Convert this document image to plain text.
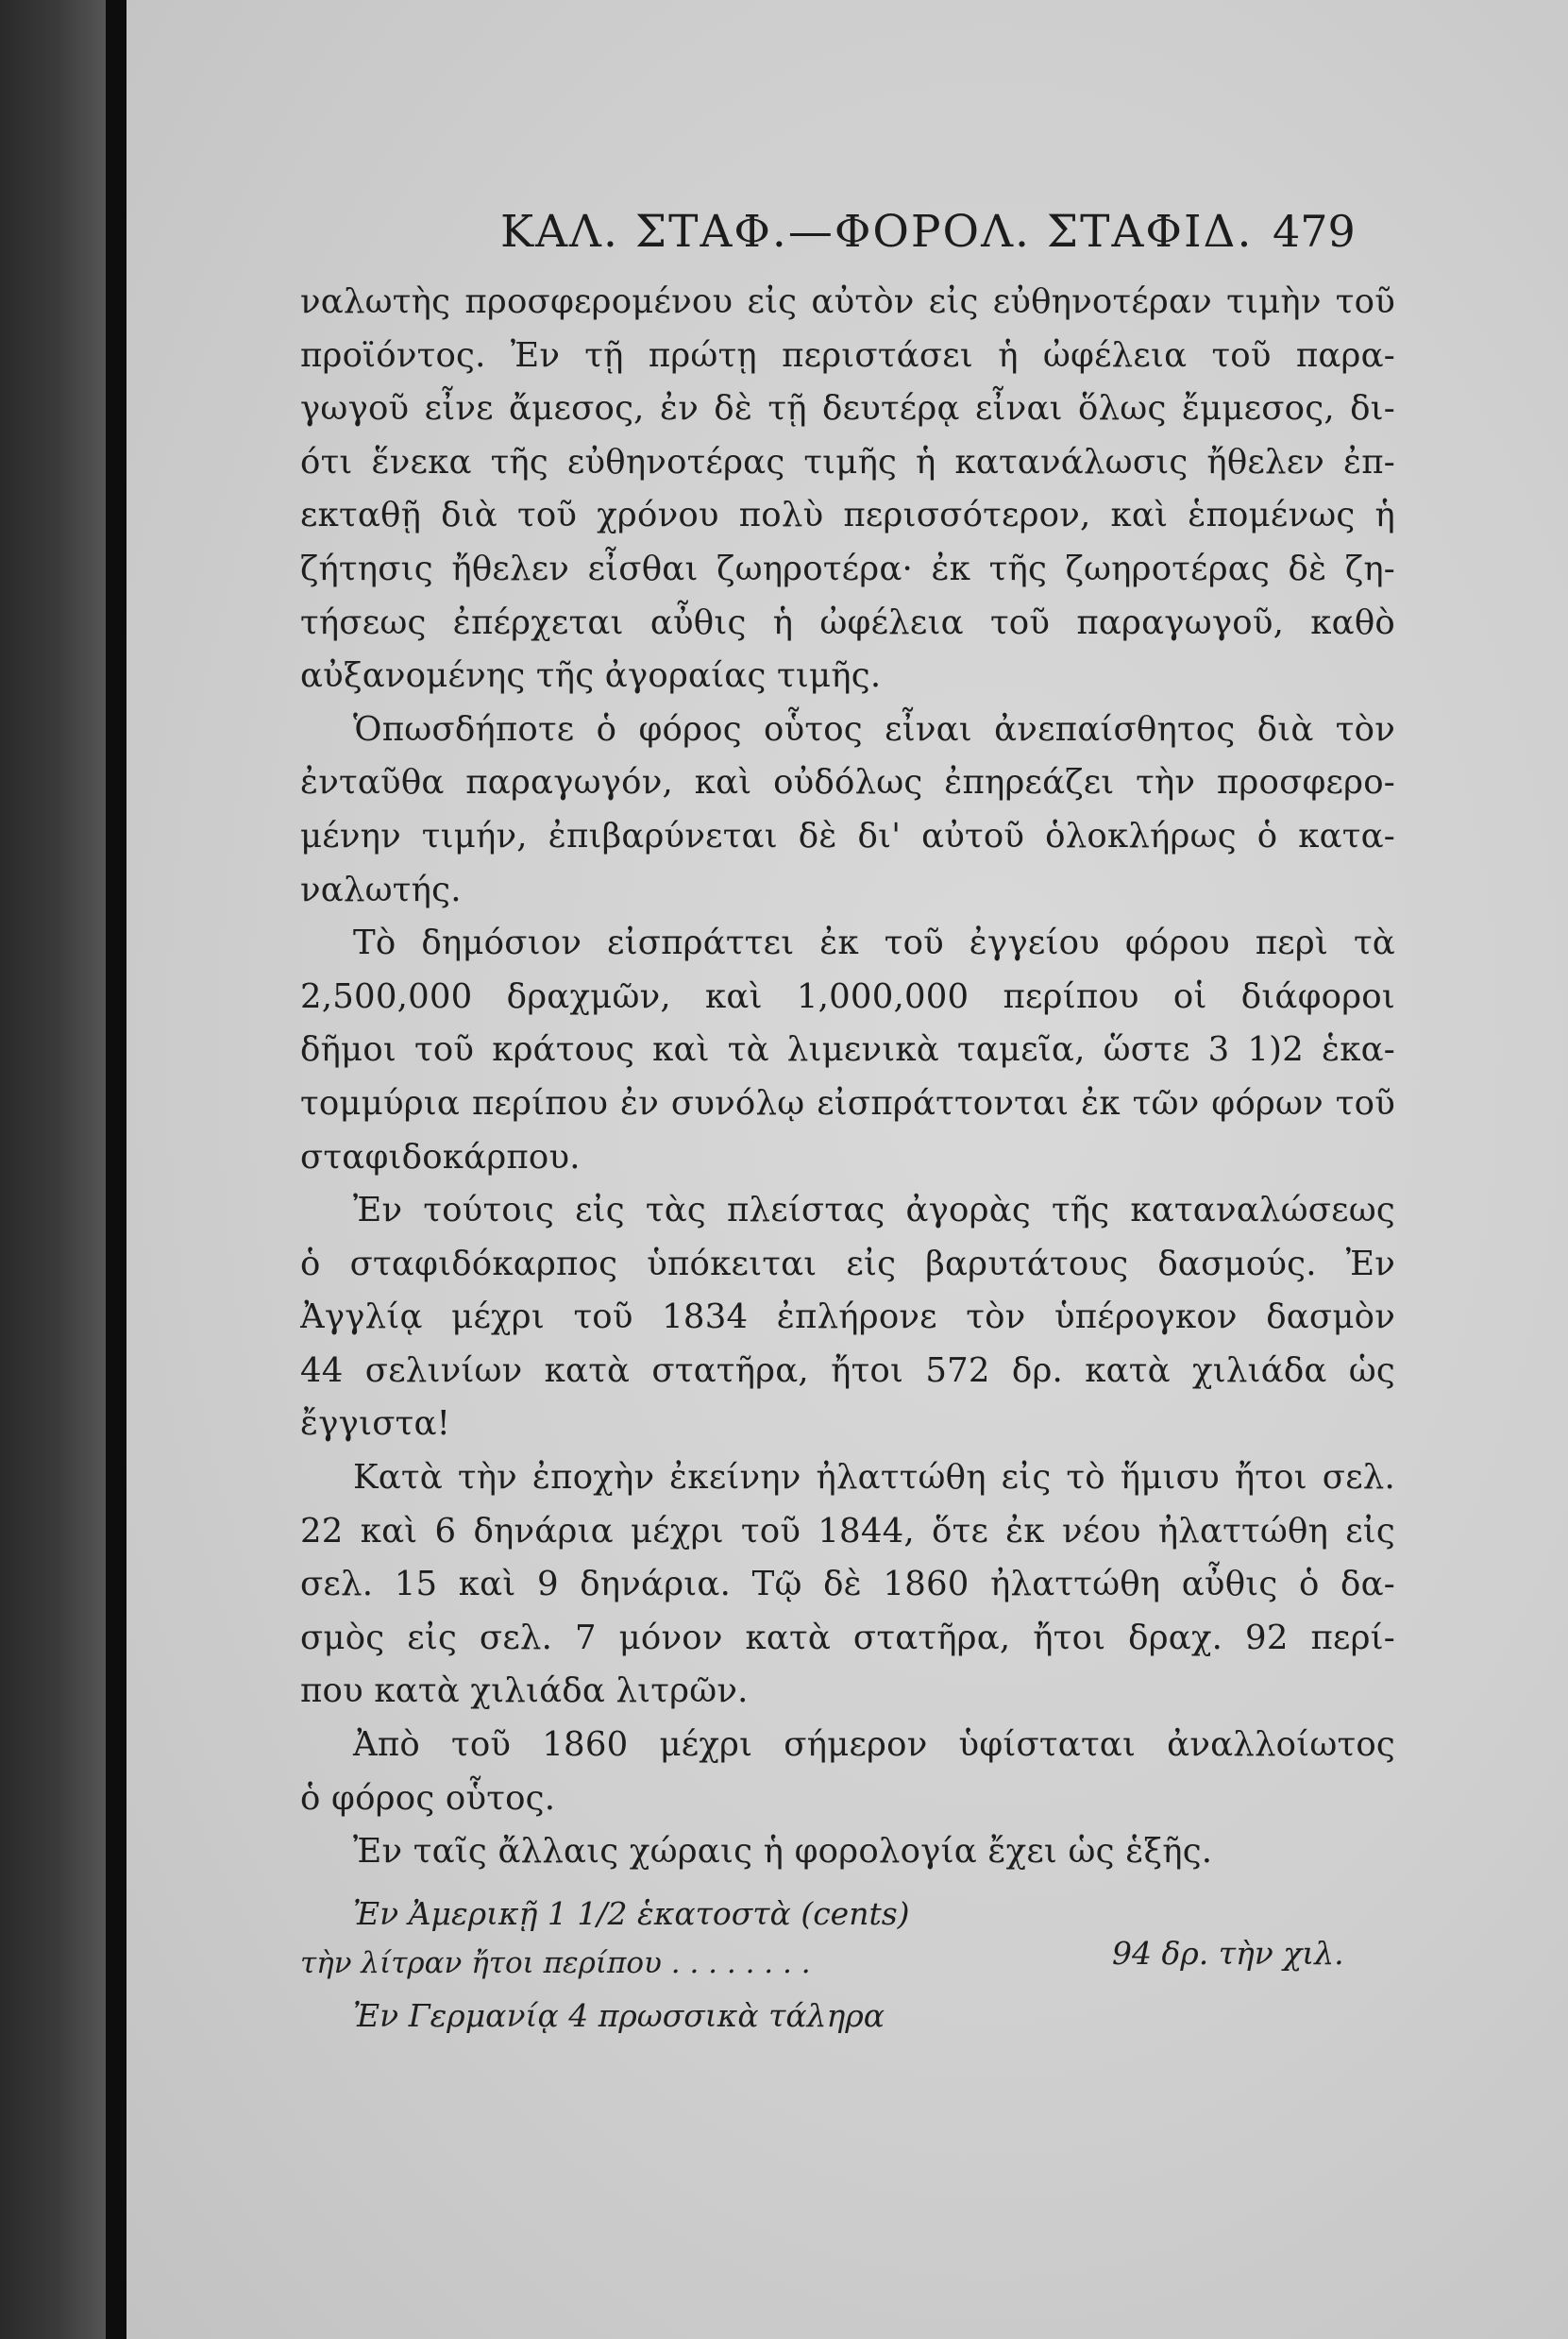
ΚΑΛ. ΣΤΑΦ.—ΦΟΡΟΛ. ΣΤΑΦΙΔ. 479
ναλωτὴς προσφερομένου εἰς αὐτὸν εἰς εὐθηνοτέραν τιμὴν τοῦ
προϊόντος. Ἐν τῇ πρώτῃ περιστάσει ἡ ὠφέλεια τοῦ παρα-
γωγοῦ εἶνε ἄμεσος, ἐν δὲ τῇ δευτέρᾳ εἶναι ὅλως ἔμμεσος, δι-
ότι ἕνεκα τῆς εὐθηνοτέρας τιμῆς ἡ κατανάλωσις ἤθελεν ἐπ-
εκταθῇ διὰ τοῦ χρόνου πολὺ περισσότερον, καὶ ἑπομένως ἡ
ζήτησις ἤθελεν εἶσθαι ζωηροτέρα· ἐκ τῆς ζωηροτέρας δὲ ζη-
τήσεως ἐπέρχεται αὖθις ἡ ὠφέλεια τοῦ παραγωγοῦ, καθὸ
αὐξανομένης τῆς ἀγοραίας τιμῆς.
Ὁπωσδήποτε ὁ φόρος οὗτος εἶναι ἀνεπαίσθητος διὰ τὸν
ἐνταῦθα παραγωγόν, καὶ οὐδόλως ἐπηρεάζει τὴν προσφερο-
μένην τιμήν, ἐπιβαρύνεται δὲ δι' αὐτοῦ ὁλοκλήρως ὁ κατα-
ναλωτής.
Τὸ δημόσιον εἰσπράττει ἐκ τοῦ ἐγγείου φόρου περὶ τὰ
2,500,000 δραχμῶν, καὶ 1,000,000 περίπου οἱ διάφοροι
δῆμοι τοῦ κράτους καὶ τὰ λιμενικὰ ταμεῖα, ὥστε 3 1)2 ἑκα-
τομμύρια περίπου ἐν συνόλῳ εἰσπράττονται ἐκ τῶν φόρων τοῦ
σταφιδοκάρπου.
Ἐν τούτοις εἰς τὰς πλείστας ἀγορὰς τῆς καταναλώσεως
ὁ σταφιδόκαρπος ὑπόκειται εἰς βαρυτάτους δασμούς. Ἐν
Ἀγγλίᾳ μέχρι τοῦ 1834 ἐπλήρονε τὸν ὑπέρογκον δασμὸν
44 σελινίων κατὰ στατῆρα, ἤτοι 572 δρ. κατὰ χιλιάδα ὡς
ἔγγιστα!
Κατὰ τὴν ἐποχὴν ἐκείνην ἠλαττώθη εἰς τὸ ἥμισυ ἤτοι σελ.
22 καὶ 6 δηνάρια μέχρι τοῦ 1844, ὅτε ἐκ νέου ἠλαττώθη εἰς
σελ. 15 καὶ 9 δηνάρια. Τῷ δὲ 1860 ἠλαττώθη αὖθις ὁ δα-
σμὸς εἰς σελ. 7 μόνον κατὰ στατῆρα, ἤτοι δραχ. 92 περί-
που κατὰ χιλιάδα λιτρῶν.
Ἀπὸ τοῦ 1860 μέχρι σήμερον ὑφίσταται ἀναλλοίωτος
ὁ φόρος οὗτος.
Ἐν ταῖς ἄλλαις χώραις ἡ φορολογία ἔχει ὡς ἑξῆς.
Ἐν Ἀμερικῇ 1 1/2 ἑκατοστὰ (cents)
τὴν λίτραν ἤτοι περίπου . . . . . . . .	94 δρ. τὴν χιλ.
Ἐν Γερμανίᾳ 4 πρωσσικὰ τάληρα
